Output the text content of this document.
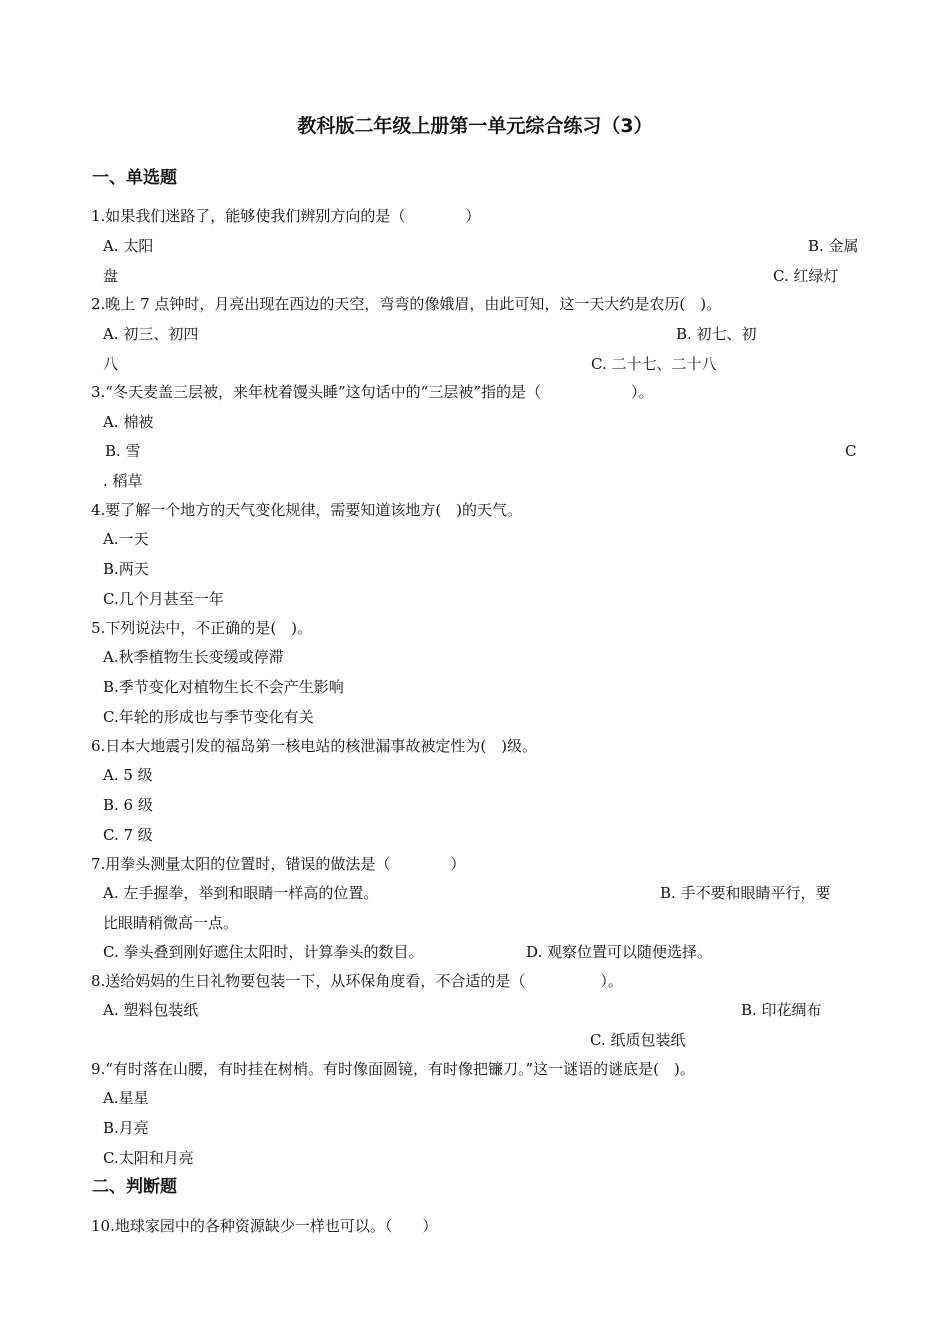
教科版二年级上册第一单元综合练习（3）
一、单选题
1.如果我们迷路了，能够使我们辨别方向的是（　　　　）
A. 太阳	B. 金属
盘	C. 红绿灯
2.晚上 7 点钟时，月亮出现在西边的天空，弯弯的像娥眉，由此可知，这一天大约是农历(　)。
A. 初三、初四	B. 初七、初
八	C. 二十七、二十八
3.“冬天麦盖三层被，来年枕着馒头睡”这句话中的“三层被”指的是（　　　　　　）。
A. 棉被
B. 雪	C
. 稻草
4.要了解一个地方的天气变化规律，需要知道该地方(　)的天气。
A.一天
B.两天
C.几个月甚至一年
5.下列说法中，不正确的是(　)。
A.秋季植物生长变缓或停滞
B.季节变化对植物生长不会产生影响
C.年轮的形成也与季节变化有关
6.日本大地震引发的福岛第一核电站的核泄漏事故被定性为(　)级。
A. 5 级
B. 6 级
C. 7 级
7.用拳头测量太阳的位置时，错误的做法是（　　　　）
A. 左手握拳，举到和眼睛一样高的位置。	B. 手不要和眼睛平行，要
比眼睛稍微高一点。
C. 拳头叠到刚好遮住太阳时，计算拳头的数目。	D. 观察位置可以随便选择。
8.送给妈妈的生日礼物要包装一下，从环保角度看，不合适的是（　　　　　）。
A. 塑料包装纸	B. 印花绸布
C. 纸质包装纸
9.“有时落在山腰，有时挂在树梢。有时像面圆镜，有时像把镰刀。”这一谜语的谜底是(　)。
A.星星
B.月亮
C.太阳和月亮
二、判断题
10.地球家园中的各种资源缺少一样也可以。（　　）
